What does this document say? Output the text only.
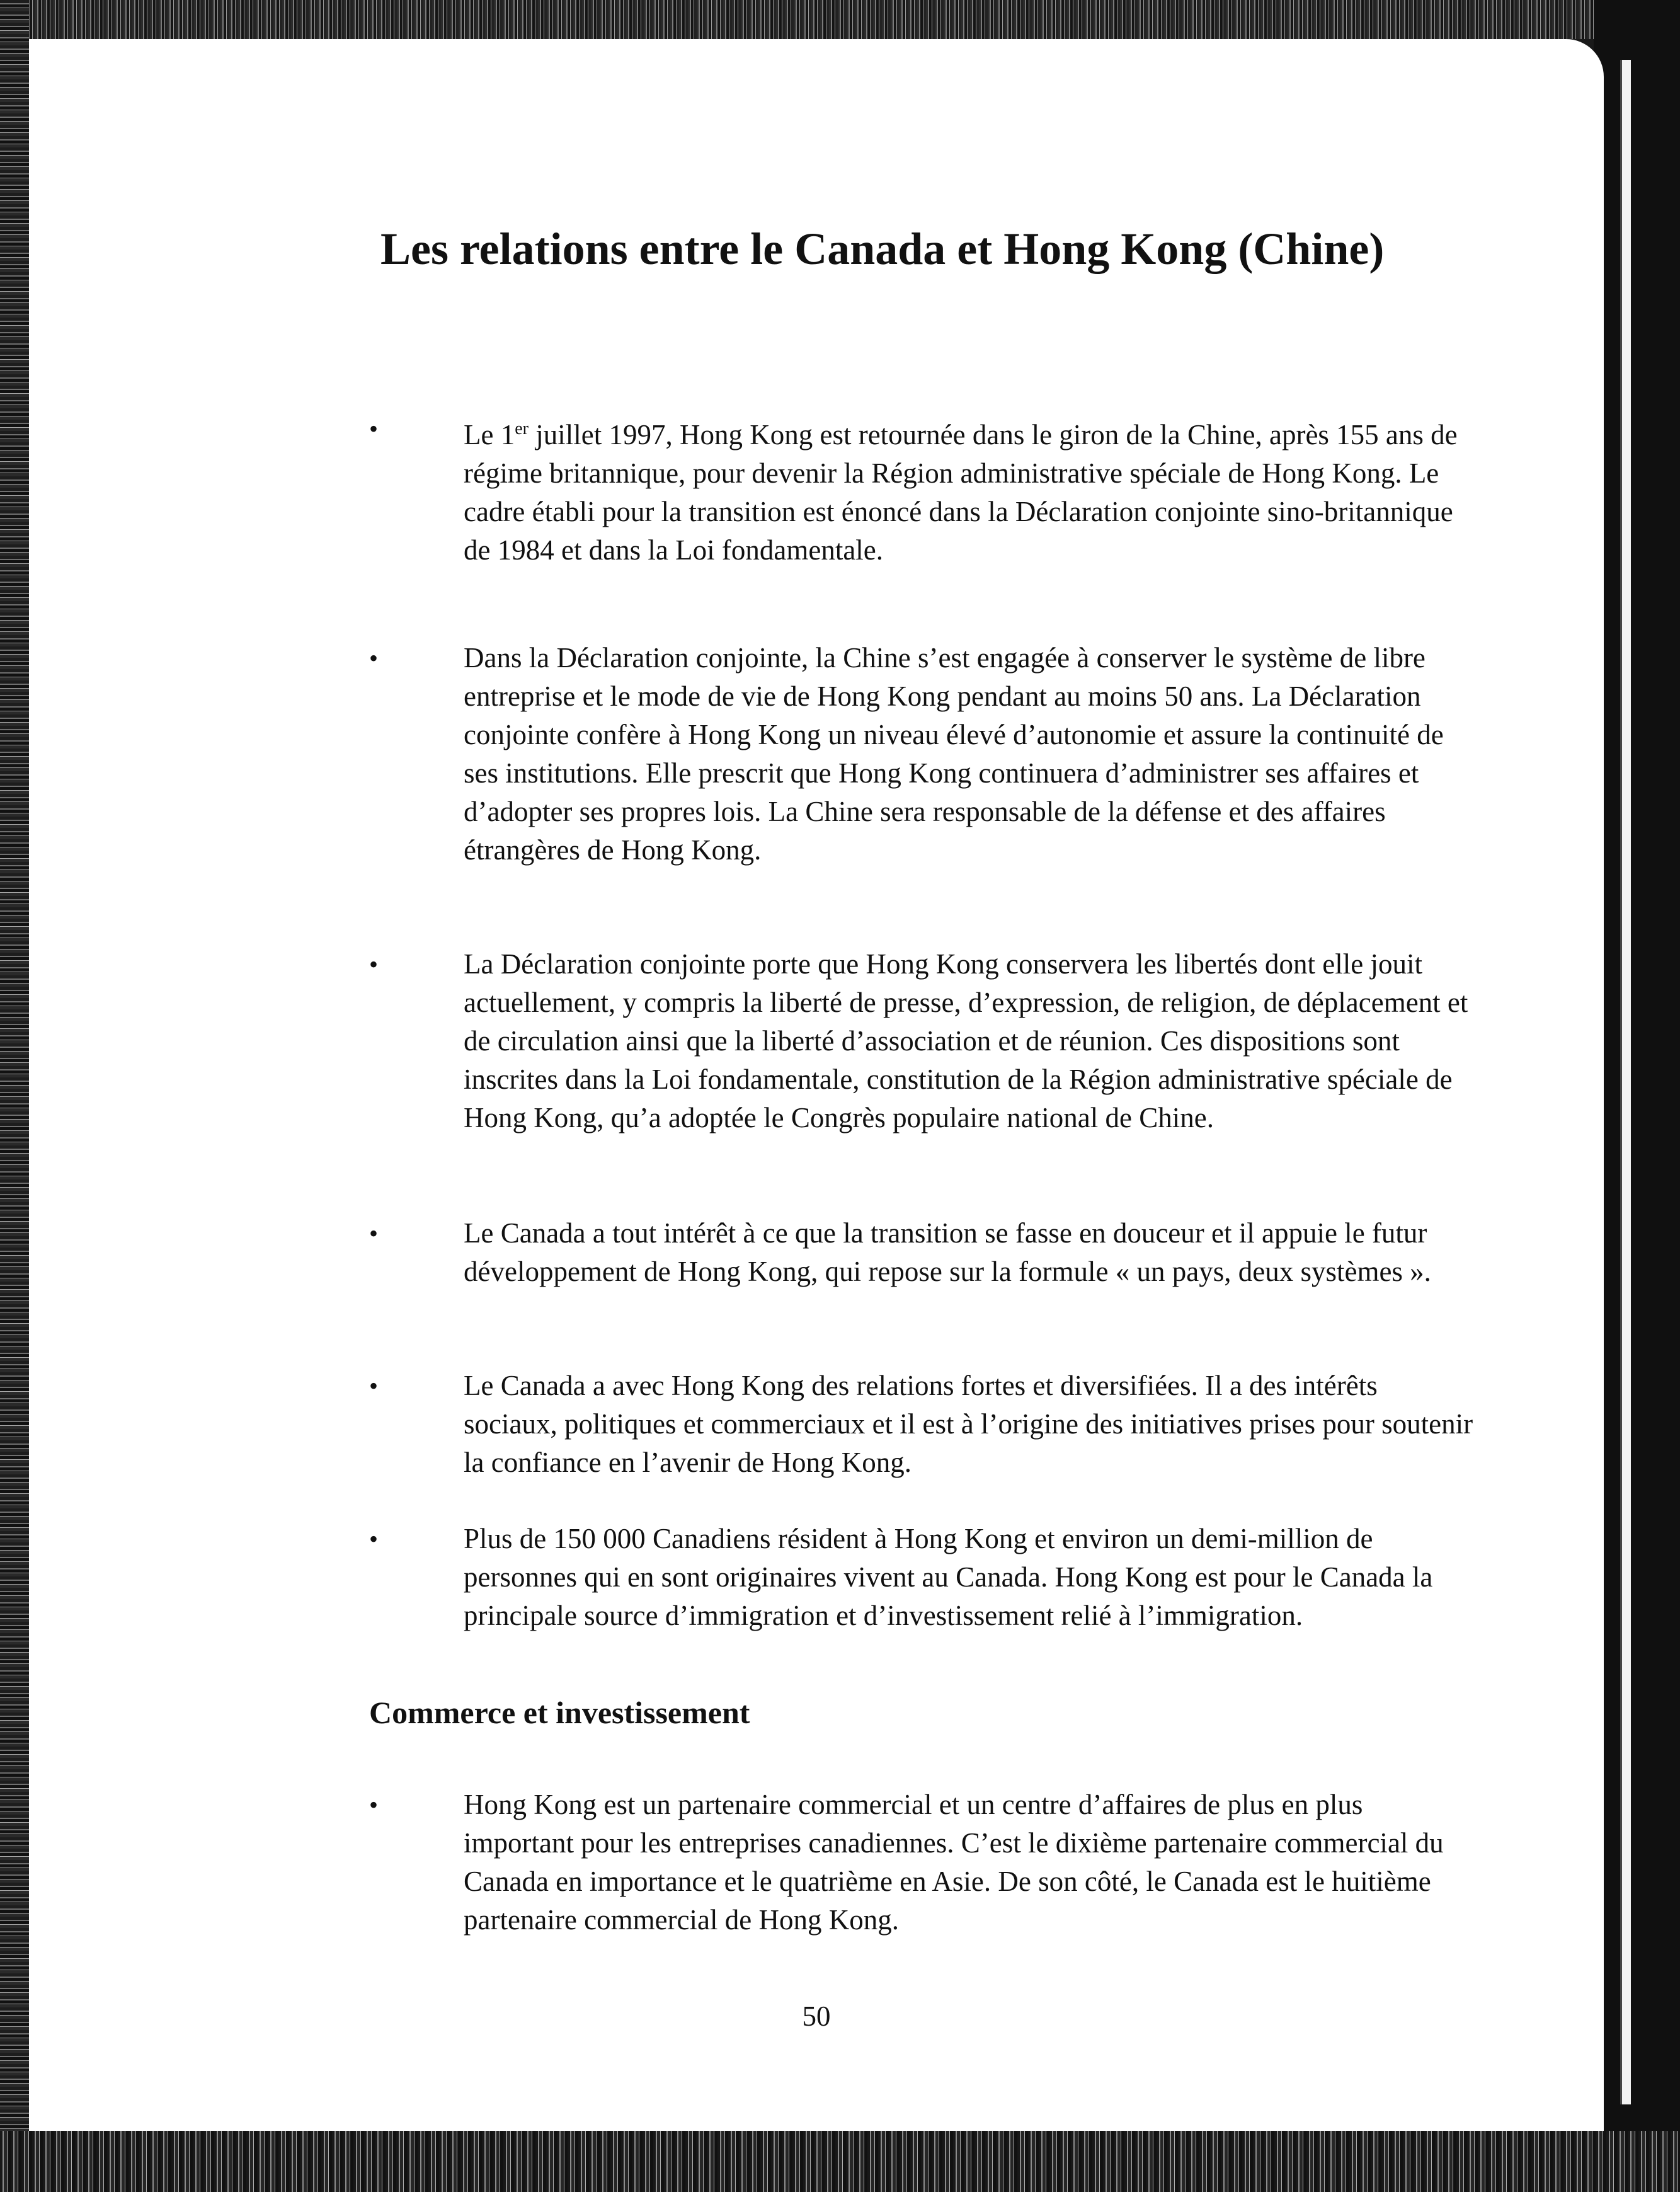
Les relations entre le Canada et Hong Kong (Chine)
•	Le 1er juillet 1997, Hong Kong est retournée dans le giron de la Chine, après 155 ans de régime britannique, pour devenir la Région administrative spéciale de Hong Kong. Le cadre établi pour la transition est énoncé dans la Déclaration conjointe sino-britannique de 1984 et dans la Loi fondamentale.

•	Dans la Déclaration conjointe, la Chine s’est engagée à conserver le système de libre entreprise et le mode de vie de Hong Kong pendant au moins 50 ans. La Déclaration conjointe confère à Hong Kong un niveau élevé d’autonomie et assure la continuité de ses institutions. Elle prescrit que Hong Kong continuera d’administrer ses affaires et d’adopter ses propres lois. La Chine sera responsable de la défense et des affaires étrangères de Hong Kong.

•	La Déclaration conjointe porte que Hong Kong conservera les libertés dont elle jouit actuellement, y compris la liberté de presse, d’expression, de religion, de déplacement et de circulation ainsi que la liberté d’association et de réunion. Ces dispositions sont inscrites dans la Loi fondamentale, constitution de la Région administrative spéciale de Hong Kong, qu’a adoptée le Congrès populaire national de Chine.

•	Le Canada a tout intérêt à ce que la transition se fasse en douceur et il appuie le futur développement de Hong Kong, qui repose sur la formule « un pays, deux systèmes ».

•	Le Canada a avec Hong Kong des relations fortes et diversifiées. Il a des intérêts sociaux, politiques et commerciaux et il est à l’origine des initiatives prises pour soutenir la confiance en l’avenir de Hong Kong.

•	Plus de 150 000 Canadiens résident à Hong Kong et environ un demi-million de personnes qui en sont originaires vivent au Canada. Hong Kong est pour le Canada la principale source d’immigration et d’investissement relié à l’immigration.

Commerce et investissement
•	Hong Kong est un partenaire commercial et un centre d’affaires de plus en plus important pour les entreprises canadiennes. C’est le dixième partenaire commercial du Canada en importance et le quatrième en Asie. De son côté, le Canada est le huitième partenaire commercial de Hong Kong.

50
